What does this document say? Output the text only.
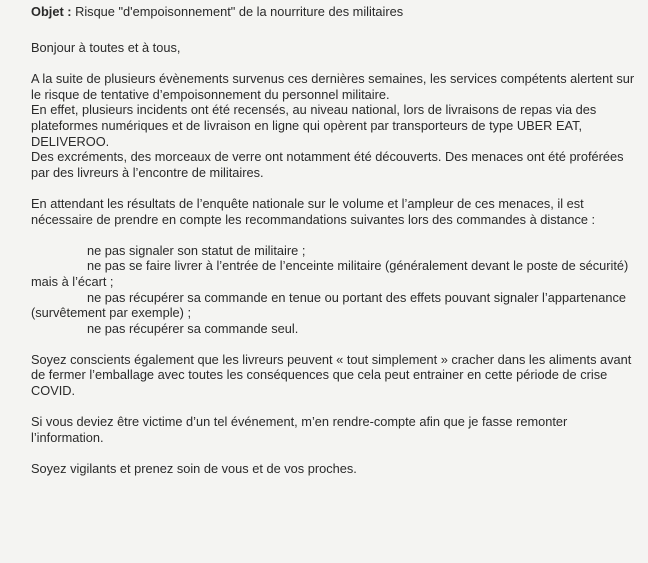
Objet : Risque "d'empoisonnement" de la nourriture des militaires

Bonjour à toutes et à tous,

A la suite de plusieurs évènements survenus ces dernières semaines, les services compétents alertent sur le risque de tentative d’empoisonnement du personnel militaire.

En effet, plusieurs incidents ont été recensés, au niveau national, lors de livraisons de repas via des plateformes numériques et de livraison en ligne qui opèrent par transporteurs de type UBER EAT, DELIVEROO.

Des excréments, des morceaux de verre ont notamment été découverts. Des menaces ont été proférées par des livreurs à l’encontre de militaires.

En attendant les résultats de l’enquête nationale sur le volume et l’ampleur de ces menaces, il est nécessaire de prendre en compte les recommandations suivantes lors des commandes à distance :

ne pas signaler son statut de militaire ;
ne pas se faire livrer à l’entrée de l’enceinte militaire (généralement devant le poste de sécurité) mais à l’écart ;
ne pas récupérer sa commande en tenue ou portant des effets pouvant signaler l’appartenance (survêtement par exemple) ;
ne pas récupérer sa commande seul.

Soyez conscients également que les livreurs peuvent « tout simplement » cracher dans les aliments avant de fermer l’emballage avec toutes les conséquences que cela peut entrainer en cette période de crise COVID.

Si vous deviez être victime d’un tel événement, m’en rendre-compte afin que je fasse remonter l’information.

Soyez vigilants et prenez soin de vous et de vos proches.
